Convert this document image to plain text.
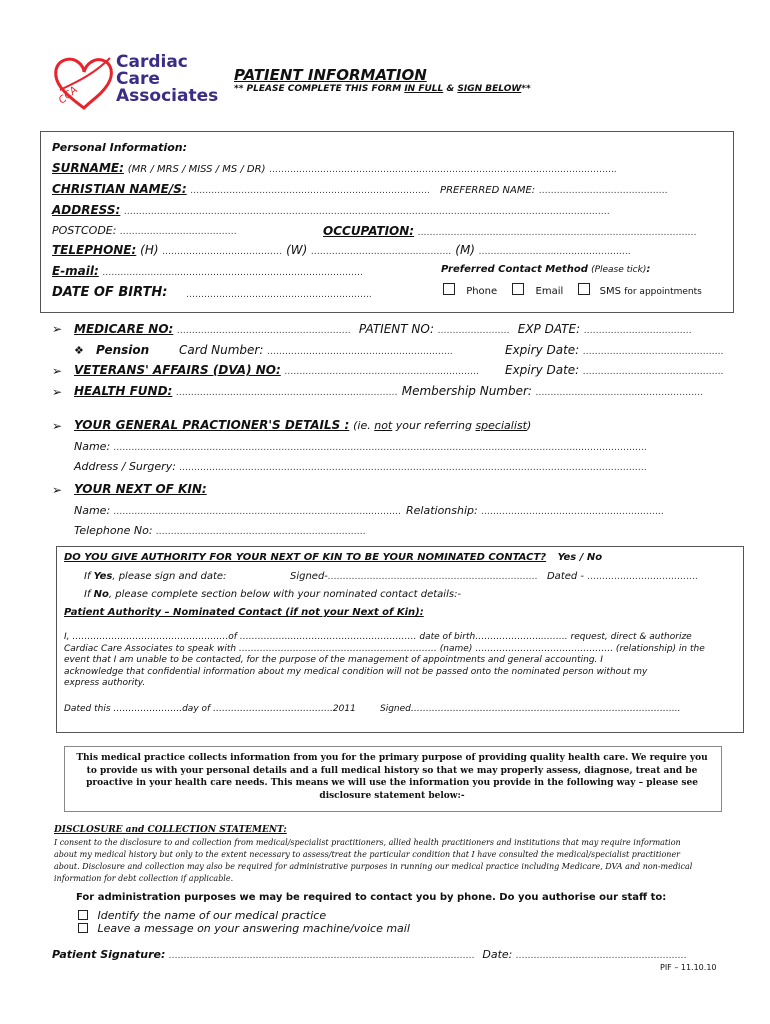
CCA
Cardiac
Care
Associates
PATIENT INFORMATION
** PLEASE COMPLETE THIS FORM IN FULL & SIGN BELOW**
Personal Information:
SURNAME: (MR / MRS / MISS / MS / DR) ……………………………………………………………………………………………………..
CHRISTIAN NAME/S: ……………………………….……………………………………. PREFERRED NAME: …………………………………….
ADDRESS: ………………………………………………………………………………………………………………………………………………
POSTCODE: …………………………………	OCCUPATION: …………………………………………………………………………………
TELEPHONE: (H) ……………………….………… (W) ………………….…………..……….. (M) ……………………..……..……………..
E-mail: ……………………..…………………………………………………….	Preferred Contact Method (Please tick):
DATE OF BIRTH: ……………………………………………………..	Phone	Email	SMS for appointments
➢ MEDICARE NO: ……………………………….………………… PATIENT NO: …………………… EXP DATE: ………………………………
❖ Pension Card Number: ……………………………………………………..	Expiry Date: ………………………………………..
➢ VETERANS' AFFAIRS (DVA) NO: ……………………………………………..………… Expiry Date: ………………………………………..
➢ HEALTH FUND: ……………………………………………………..………… Membership Number: ……………………………..…………………
➢ YOUR GENERAL PRACTIONER'S DETAILS : (ie. not your referring specialist)
Name: ………………………………………………………………………………………………………………………………………..…………………..
Address / Surgery: …………..…………………………………………………………………………………………………………………………….
➢ YOUR NEXT OF KIN:
Name: …………………………………………………………………………..………. Relationship: …………………………………………………….
Telephone No: …………………………………………………………….
DO YOU GIVE AUTHORITY FOR YOUR NEXT OF KIN TO BE YOUR NOMINATED CONTACT? Yes / No
If Yes, please sign and date:	Signed-……………………………………………………………. Dated - ……………………………….
If No, please complete section below with your nominated contact details:-
Patient Authority – Nominated Contact (if not your Next of Kin):
I, …………………………………………….of ……………..…………………………………… date of birth…………………..…….. request, direct & authorize
Cardiac Care Associates to speak with ………………………………………………………… (name) ………………………………………. (relationship) in the
event that I am unable to be contacted, for the purpose of the management of appointments and general accounting. I
acknowledge that confidential information about my medical condition will not be passed onto the nominated person without my
express authority.
Dated this …………………..day of ………………………………….2011	Signed……………………………………………………………………………...
This medical practice collects information from you for the primary purpose of providing quality health care. We require you
to provide us with your personal details and a full medical history so that we may properly assess, diagnose, treat and be
proactive in your health care needs. This means we will use the information you provide in the following way – please see
disclosure statement below:-
DISCLOSURE and COLLECTION STATEMENT:
I consent to the disclosure to and collection from medical/specialist practitioners, allied health practitioners and institutions that may require information
about my medical history but only to the extent necessary to assess/treat the particular condition that I have consulted the medical/specialist practitioner
about. Disclosure and collection may also be required for administrative purposes in running our medical practice including Medicare, DVA and non-medical
information for debt collection if applicable.
For administration purposes we may be required to contact you by phone. Do you authorise our staff to:
Identify the name of our medical practice
Leave a message on your answering machine/voice mail
Patient Signature: ………………………………………………………………………………………… Date: …………………………………………………
PIF – 11.10.10
